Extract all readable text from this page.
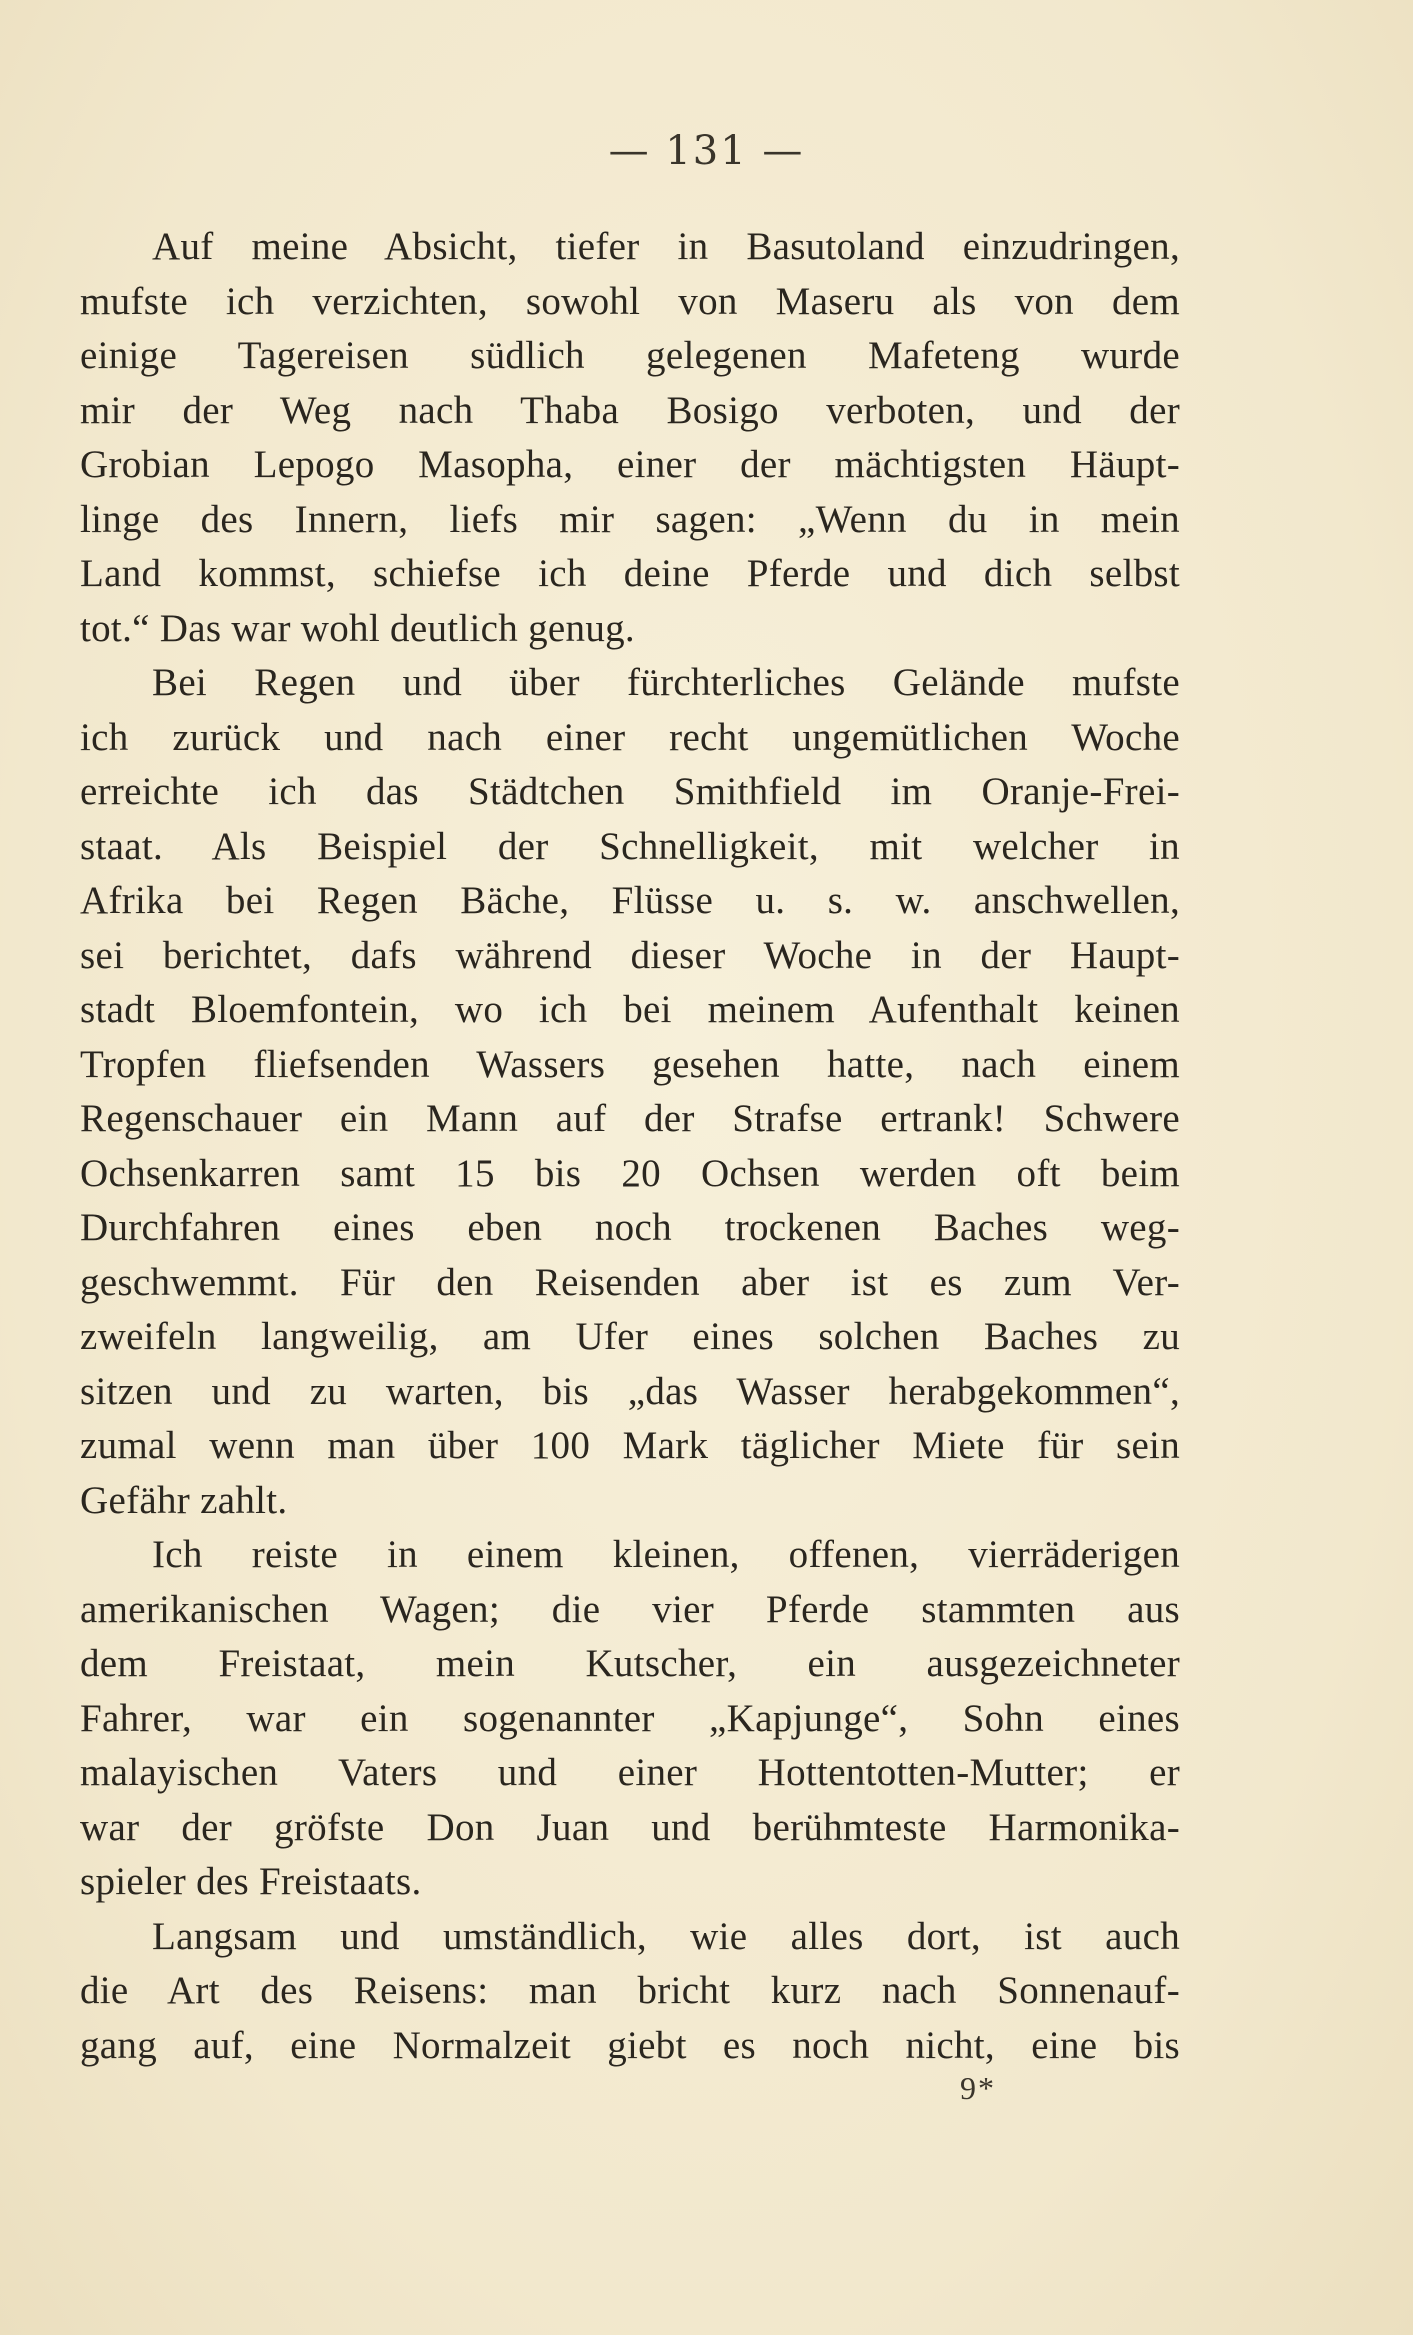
— 131 —
Auf meine Absicht, tiefer in Basutoland einzudringen,
mufste ich verzichten, sowohl von Maseru als von dem
einige Tagereisen südlich gelegenen Mafeteng wurde
mir der Weg nach Thaba Bosigo verboten, und der
Grobian Lepogo Masopha, einer der mächtigsten Häupt-
linge des Innern, liefs mir sagen: „Wenn du in mein
Land kommst, schiefse ich deine Pferde und dich selbst
tot.“ Das war wohl deutlich genug.
Bei Regen und über fürchterliches Gelände mufste
ich zurück und nach einer recht ungemütlichen Woche
erreichte ich das Städtchen Smithfield im Oranje-Frei-
staat. Als Beispiel der Schnelligkeit, mit welcher in
Afrika bei Regen Bäche, Flüsse u. s. w. anschwellen,
sei berichtet, dafs während dieser Woche in der Haupt-
stadt Bloemfontein, wo ich bei meinem Aufenthalt keinen
Tropfen fliefsenden Wassers gesehen hatte, nach einem
Regenschauer ein Mann auf der Strafse ertrank! Schwere
Ochsenkarren samt 15 bis 20 Ochsen werden oft beim
Durchfahren eines eben noch trockenen Baches weg-
geschwemmt. Für den Reisenden aber ist es zum Ver-
zweifeln langweilig, am Ufer eines solchen Baches zu
sitzen und zu warten, bis „das Wasser herabgekommen“,
zumal wenn man über 100 Mark täglicher Miete für sein
Gefähr zahlt.
Ich reiste in einem kleinen, offenen, vierräderigen
amerikanischen Wagen; die vier Pferde stammten aus
dem Freistaat, mein Kutscher, ein ausgezeichneter
Fahrer, war ein sogenannter „Kapjunge“, Sohn eines
malayischen Vaters und einer Hottentotten-Mutter; er
war der gröfste Don Juan und berühmteste Harmonika-
spieler des Freistaats.
Langsam und umständlich, wie alles dort, ist auch
die Art des Reisens: man bricht kurz nach Sonnenauf-
gang auf, eine Normalzeit giebt es noch nicht, eine bis
9*
